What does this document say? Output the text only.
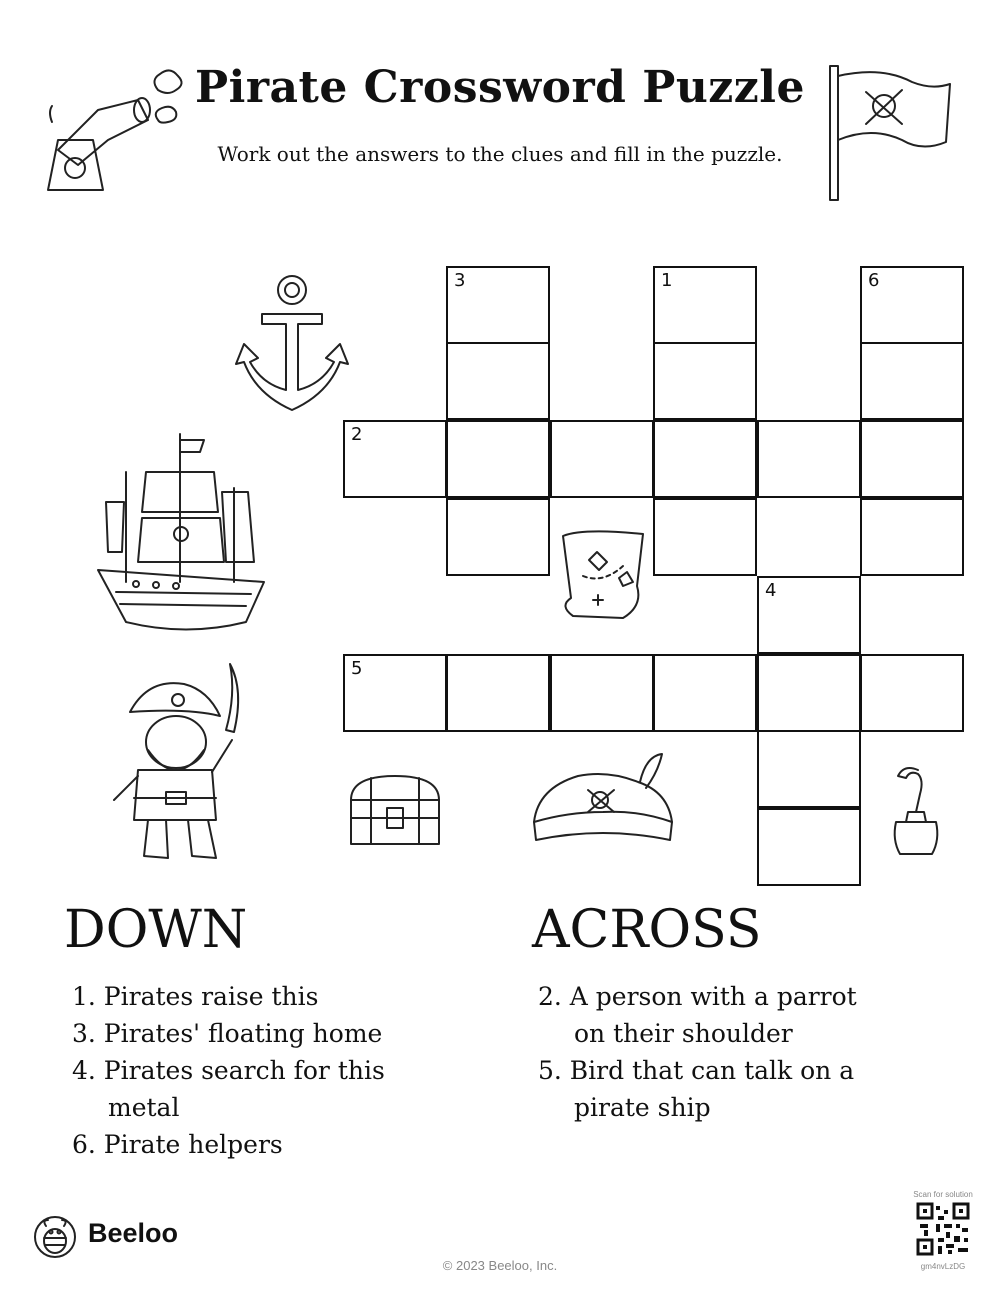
Pirate Crossword Puzzle
Work out the answers to the clues and fill in the puzzle.
3	1	6
2
4
5
DOWN
1. Pirates raise this
3. Pirates' floating home
4. Pirates search for this
metal
6. Pirate helpers
ACROSS
2. A person with a parrot
on their shoulder
5. Bird that can talk on a
pirate ship
Beeloo
© 2023 Beeloo, Inc.
Scan for solution
gm4nvLzDG
